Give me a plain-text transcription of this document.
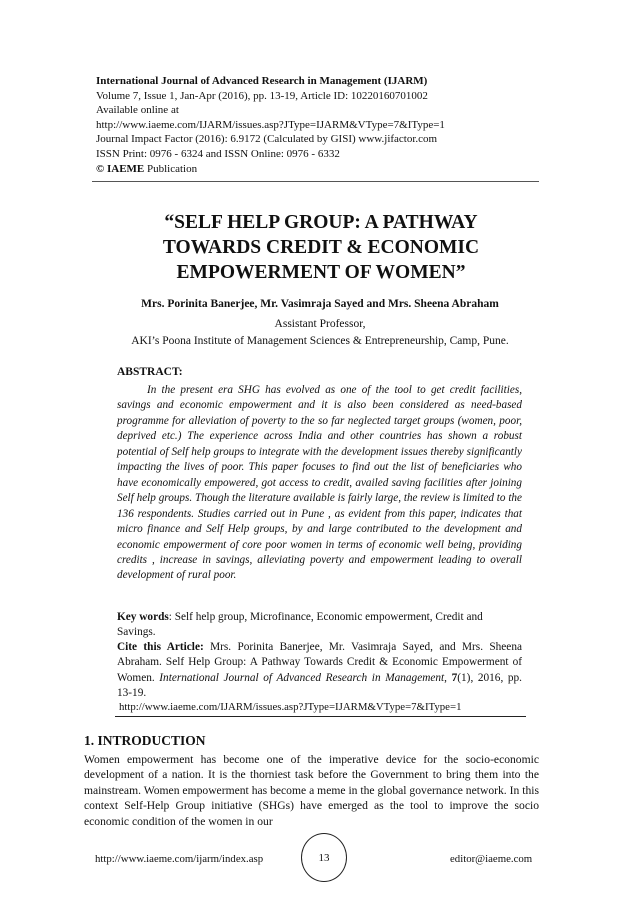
International Journal of Advanced Research in Management (IJARM)
Volume 7, Issue 1, Jan-Apr (2016), pp. 13-19, Article ID: 10220160701002
Available online at
http://www.iaeme.com/IJARM/issues.asp?JType=IJARM&VType=7&IType=1
Journal Impact Factor (2016): 6.9172 (Calculated by GISI) www.jifactor.com
ISSN Print: 0976 - 6324 and ISSN Online: 0976 - 6332
© IAEME Publication
“SELF HELP GROUP: A PATHWAY
TOWARDS CREDIT & ECONOMIC
EMPOWERMENT OF WOMEN”
Mrs. Porinita Banerjee, Mr. Vasimraja Sayed and Mrs. Sheena Abraham
Assistant Professor,
AKI’s Poona Institute of Management Sciences & Entrepreneurship, Camp, Pune.
ABSTRACT:

In the present era SHG has evolved as one of the tool to get credit facilities, savings and economic empowerment and it is also been considered as need-based programme for alleviation of poverty to the so far neglected target groups (women, poor, deprived etc.) The experience across India and other countries has shown a robust potential of Self help groups to integrate with the development issues thereby significantly impacting the lives of poor. This paper focuses to find out the list of beneficiaries who have economically empowered, got access to credit, availed saving facilities after joining Self help groups. Though the literature available is fairly large, the review is limited to the 136 respondents. Studies carried out in Pune , as evident from this paper, indicates that micro finance and Self Help groups, by and large contributed to the development and economic empowerment of core poor women in terms of economic well being, providing credits , increase in savings, alleviating poverty and empowerment leading to overall development of rural poor.

Key words: Self help group, Microfinance, Economic empowerment, Credit and Savings.

Cite this Article: Mrs. Porinita Banerjee, Mr. Vasimraja Sayed, and Mrs. Sheena Abraham. Self Help Group: A Pathway Towards Credit & Economic Empowerment of Women. International Journal of Advanced Research in Management, 7(1), 2016, pp. 13-19.

http://www.iaeme.com/IJARM/issues.asp?JType=IJARM&VType=7&IType=1
1. INTRODUCTION

Women empowerment has become one of the imperative device for the socio-economic development of a nation. It is the thorniest task before the Government to bring them into the mainstream. Women empowerment has become a meme in the global governance network. In this context Self-Help Group initiative (SHGs) have emerged as the tool to improve the socio economic condition of the women in our

http://www.iaeme.com/ijarm/index.asp	13	editor@iaeme.com
